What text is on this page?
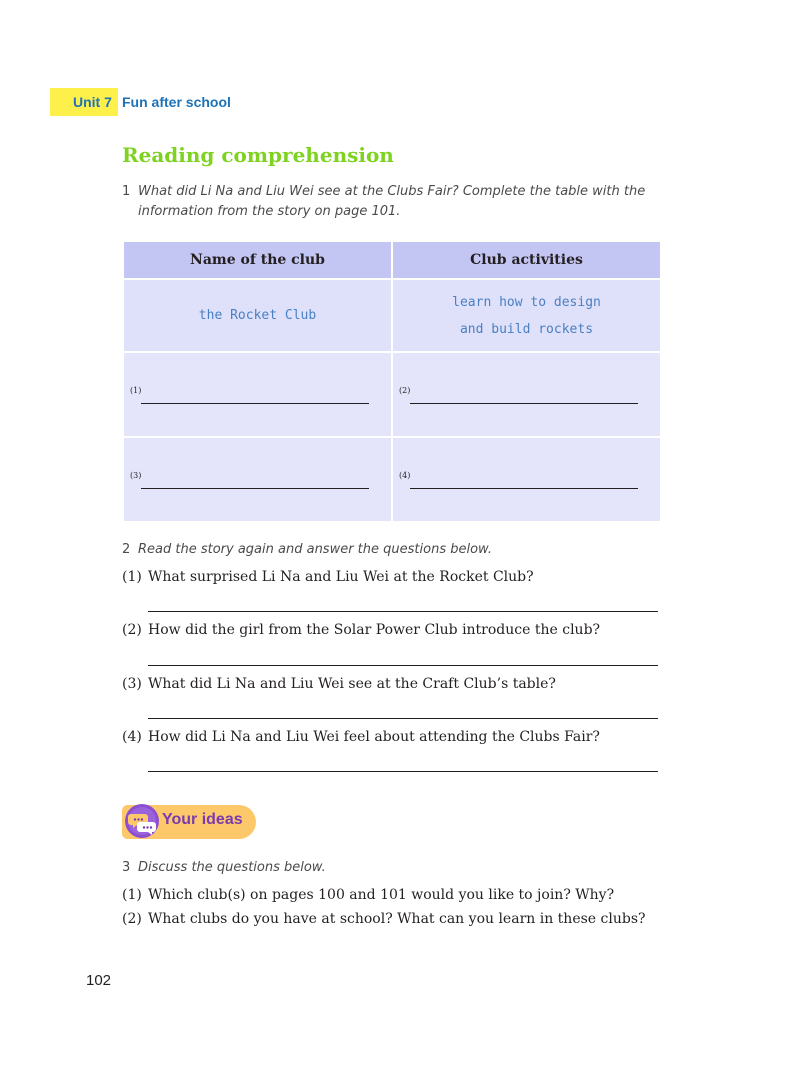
Unit 7 Fun after school
Reading comprehension
1 What did Li Na and Liu Wei see at the Clubs Fair? Complete the table with the
information from the story on page 101.
Name of the club	Club activities
the Rocket Club	learn how to design
and build rockets

(1)	(2)

(3)	(4)
2 Read the story again and answer the questions below.
(1) What surprised Li Na and Liu Wei at the Rocket Club?
(2) How did the girl from the Solar Power Club introduce the club?
(3) What did Li Na and Liu Wei see at the Craft Club’s table?
(4) How did Li Na and Liu Wei feel about attending the Clubs Fair?
Your ideas
3 Discuss the questions below.
(1) Which club(s) on pages 100 and 101 would you like to join? Why?
(2) What clubs do you have at school? What can you learn in these clubs?
102
